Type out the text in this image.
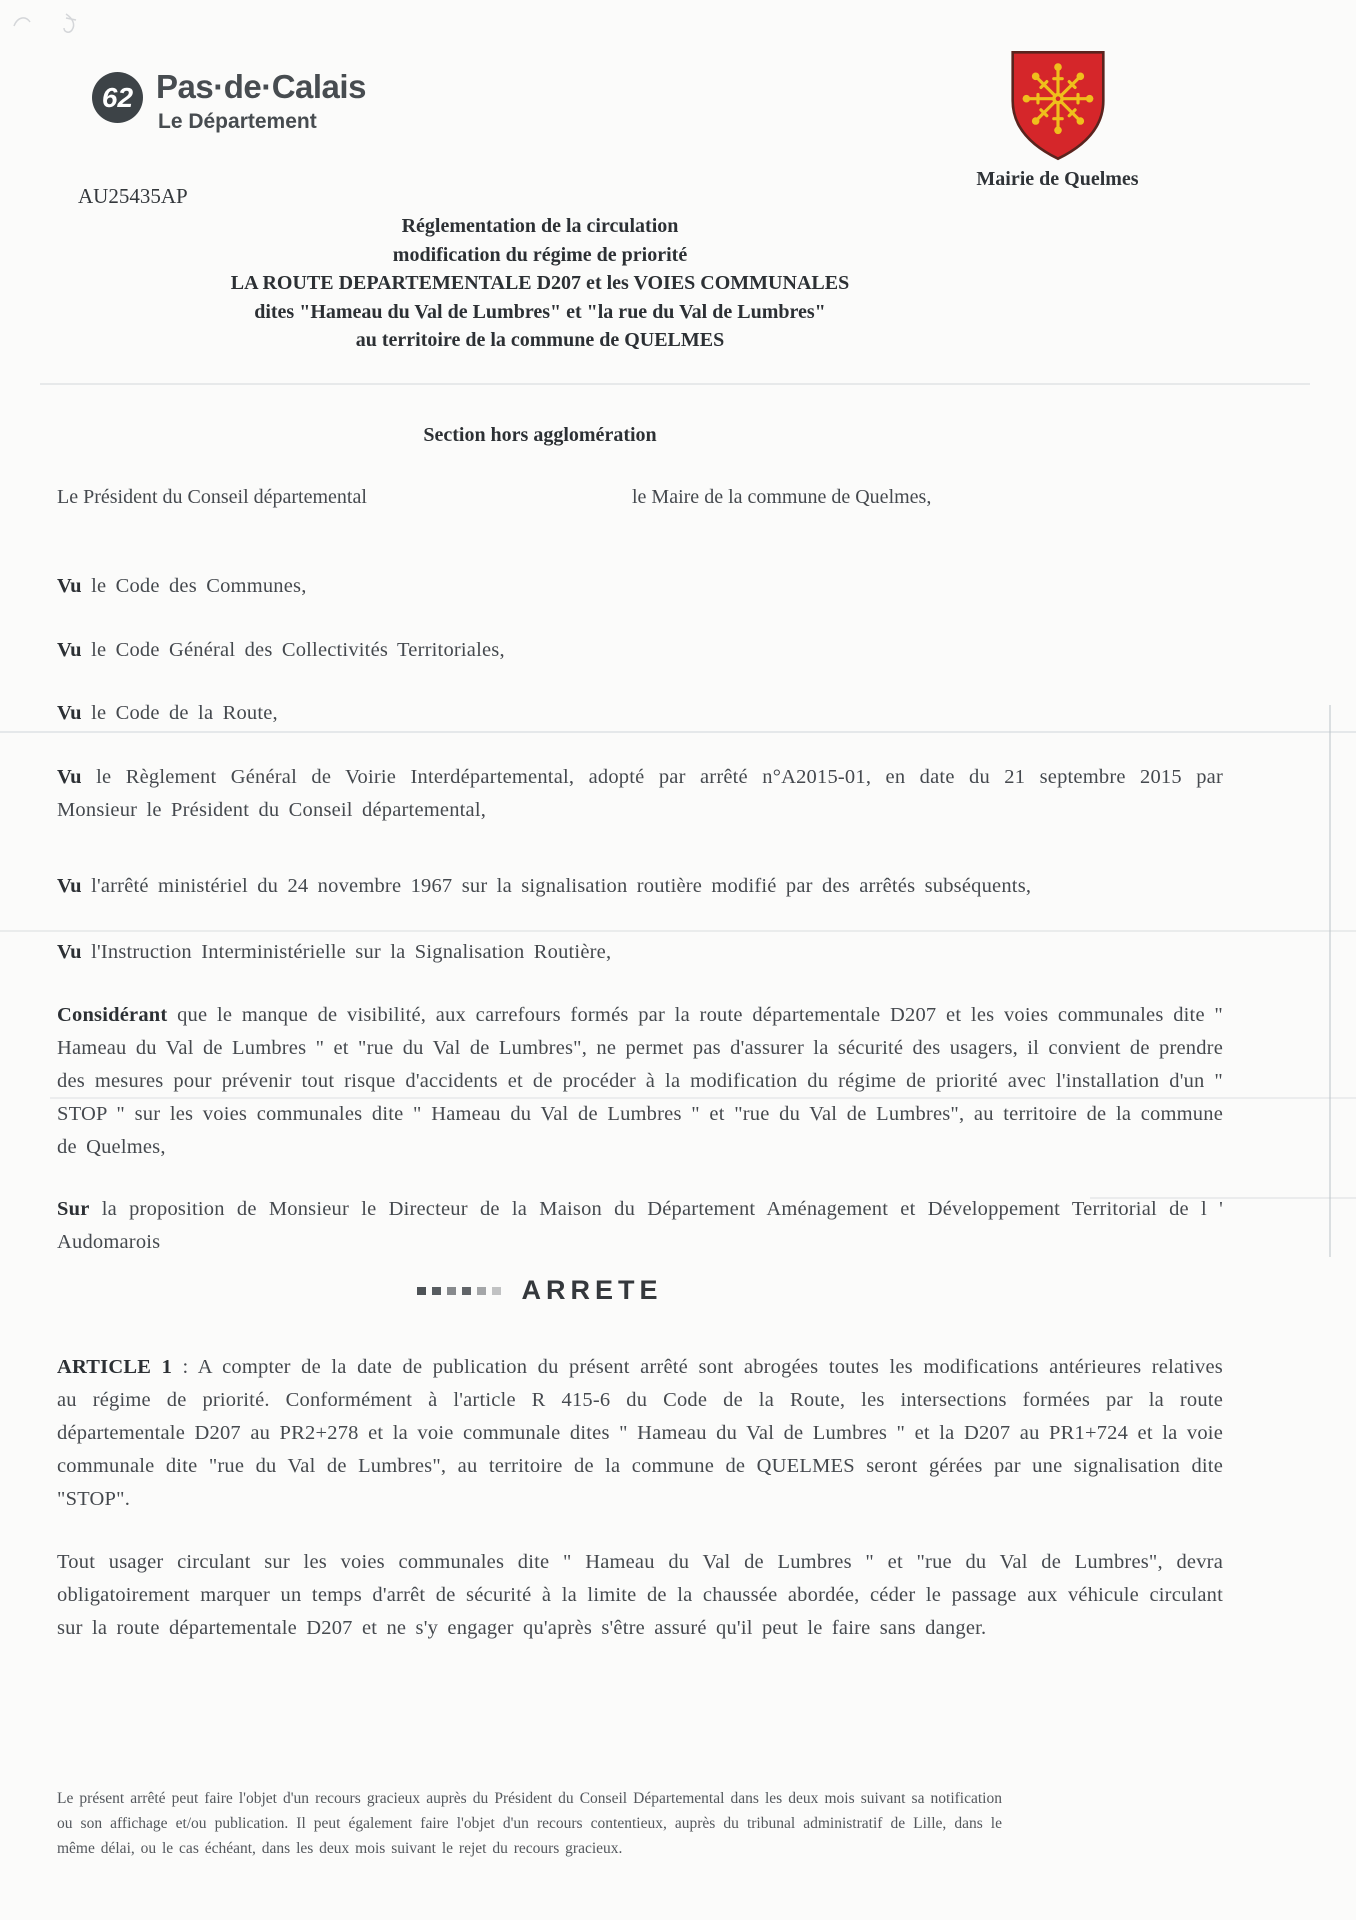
62 Pas·de·Calais
Le Département
Mairie de Quelmes
AU25435AP
Réglementation de la circulation
modification du régime de priorité
LA ROUTE DEPARTEMENTALE D207 et les VOIES COMMUNALES
dites "Hameau du Val de Lumbres" et "la rue du Val de Lumbres"
au territoire de la commune de QUELMES
Section hors agglomération
Le Président du Conseil départemental	le Maire de la commune de Quelmes,

Vu le Code des Communes,

Vu le Code Général des Collectivités Territoriales,

Vu le Code de la Route,

Vu le Règlement Général de Voirie Interdépartemental, adopté par arrêté n°A2015-01, en date du 21 septembre 2015 par Monsieur le Président du Conseil départemental,

Vu l'arrêté ministériel du 24 novembre 1967 sur la signalisation routière modifié par des arrêtés subséquents,

Vu l'Instruction Interministérielle sur la Signalisation Routière,

Considérant que le manque de visibilité, aux carrefours formés par la route départementale D207 et les voies communales dite " Hameau du Val de Lumbres " et "rue du Val de Lumbres", ne permet pas d'assurer la sécurité des usagers, il convient de prendre des mesures pour prévenir tout risque d'accidents et de procéder à la modification du régime de priorité avec l'installation d'un " STOP " sur les voies communales dite " Hameau du Val de Lumbres " et "rue du Val de Lumbres", au territoire de la commune de Quelmes,

Sur la proposition de Monsieur le Directeur de la Maison du Département Aménagement et Développement Territorial de l ' Audomarois

ARRETE

ARTICLE 1 : A compter de la date de publication du présent arrêté sont abrogées toutes les modifications antérieures relatives au régime de priorité. Conformément à l'article R 415-6 du Code de la Route, les intersections formées par la route départementale D207 au PR2+278 et la voie communale dites " Hameau du Val de Lumbres " et la D207 au PR1+724 et la voie communale dite "rue du Val de Lumbres", au territoire de la commune de QUELMES seront gérées par une signalisation dite "STOP".

Tout usager circulant sur les voies communales dite " Hameau du Val de Lumbres " et "rue du Val de Lumbres", devra obligatoirement marquer un temps d'arrêt de sécurité à la limite de la chaussée abordée, céder le passage aux véhicule circulant sur la route départementale D207 et ne s'y engager qu'après s'être assuré qu'il peut le faire sans danger.

Le présent arrêté peut faire l'objet d'un recours gracieux auprès du Président du Conseil Départemental dans les deux mois suivant sa notification ou son affichage et/ou publication. Il peut également faire l'objet d'un recours contentieux, auprès du tribunal administratif de Lille, dans le même délai, ou le cas échéant, dans les deux mois suivant le rejet du recours gracieux.
